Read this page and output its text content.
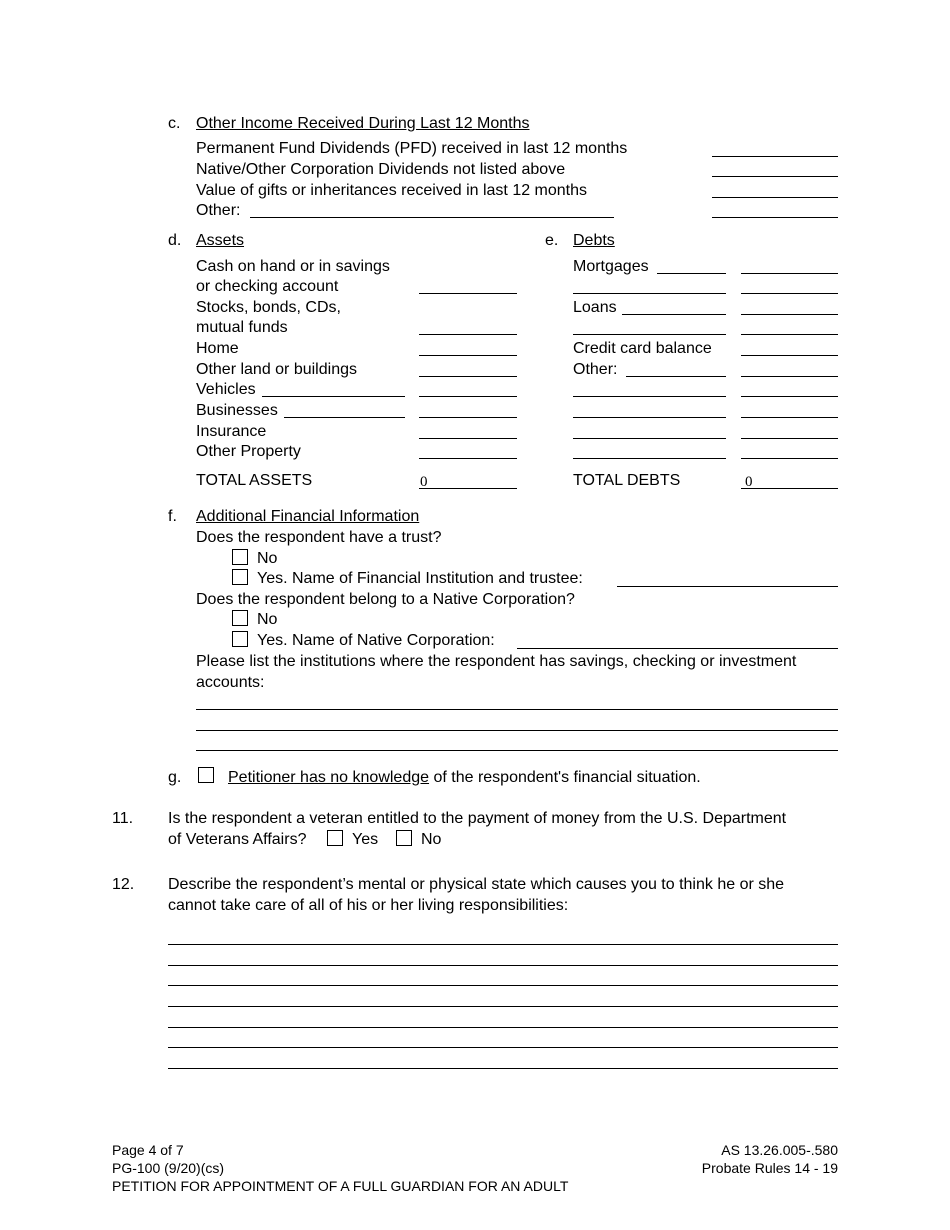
c. Other Income Received During Last 12 Months
Permanent Fund Dividends (PFD) received in last 12 months
Native/Other Corporation Dividends not listed above
Value of gifts or inheritances received in last 12 months
Other:
d. Assets
Cash on hand or in savings
or checking account
Stocks, bonds, CDs,
mutual funds
Home
Other land or buildings
Vehicles
Businesses
Insurance
Other Property
TOTAL ASSETS	0
e. Debts
Mortgages
Loans
Credit card balance
Other:
TOTAL DEBTS	0
f. Additional Financial Information
Does the respondent have a trust?
No
Yes. Name of Financial Institution and trustee:
Does the respondent belong to a Native Corporation?
No
Yes. Name of Native Corporation:
Please list the institutions where the respondent has savings, checking or investment
accounts:
g.	Petitioner has no knowledge of the respondent's financial situation.
11. Is the respondent a veteran entitled to the payment of money from the U.S. Department
of Veterans Affairs?	Yes	No
12. Describe the respondent’s mental or physical state which causes you to think he or she
cannot take care of all of his or her living responsibilities:
Page 4 of 7
PG-100 (9/20)(cs)
PETITION FOR APPOINTMENT OF A FULL GUARDIAN FOR AN ADULT
AS 13.26.005-.580
Probate Rules 14 - 19
